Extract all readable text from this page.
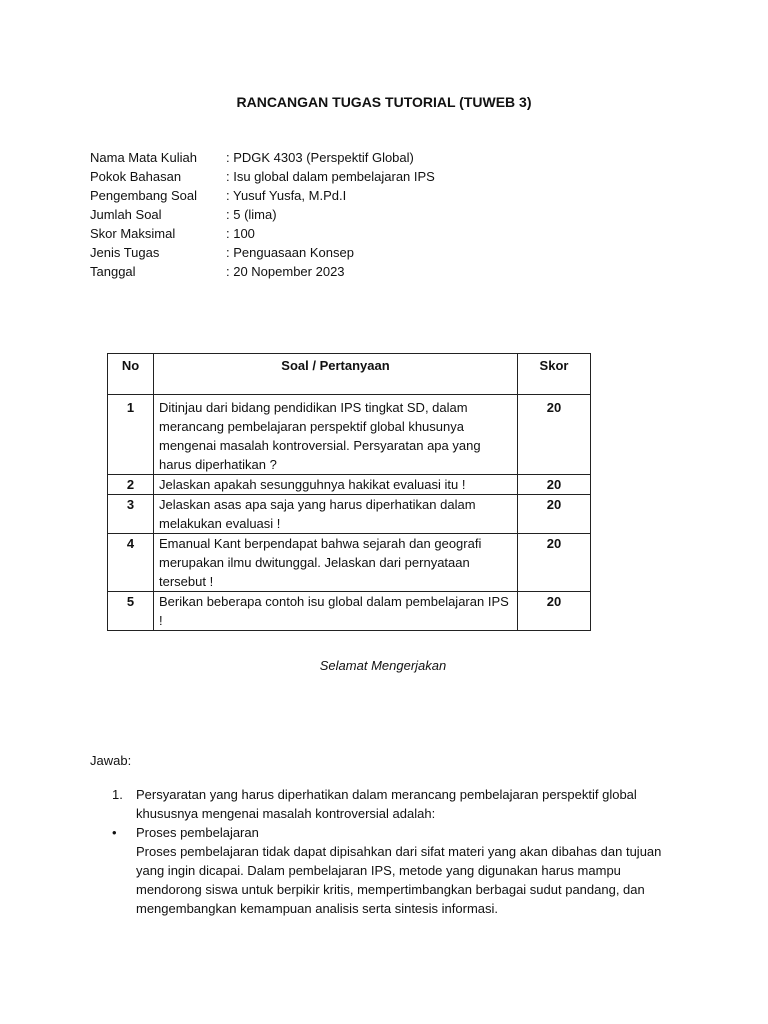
RANCANGAN TUGAS TUTORIAL (TUWEB 3)
Nama Mata Kuliah	: PDGK 4303 (Perspektif Global)
Pokok Bahasan	: Isu global dalam pembelajaran IPS
Pengembang Soal	: Yusuf Yusfa, M.Pd.I
Jumlah Soal	: 5 (lima)
Skor Maksimal	: 100
Jenis Tugas	: Penguasaan Konsep
Tanggal	: 20 Nopember 2023
No	Soal / Pertanyaan	Skor
1	Ditinjau dari bidang pendidikan IPS tingkat SD, dalam merancang pembelajaran perspektif global khusunya mengenai masalah kontroversial. Persyaratan apa yang harus diperhatikan ?	20
2	Jelaskan apakah sesungguhnya hakikat evaluasi itu !	20
3	Jelaskan asas apa saja yang harus diperhatikan dalam melakukan evaluasi !	20
4	Emanual Kant berpendapat bahwa sejarah dan geografi merupakan ilmu dwitunggal. Jelaskan dari pernyataan tersebut !	20
5	Berikan beberapa contoh isu global dalam pembelajaran IPS !	20
Selamat Mengerjakan
Jawab:
1.	Persyaratan yang harus diperhatikan dalam merancang pembelajaran perspektif global khususnya mengenai masalah kontroversial adalah:
•	Proses pembelajaran
Proses pembelajaran tidak dapat dipisahkan dari sifat materi yang akan dibahas dan tujuan yang ingin dicapai. Dalam pembelajaran IPS, metode yang digunakan harus mampu mendorong siswa untuk berpikir kritis, mempertimbangkan berbagai sudut pandang, dan mengembangkan kemampuan analisis serta sintesis informasi.
